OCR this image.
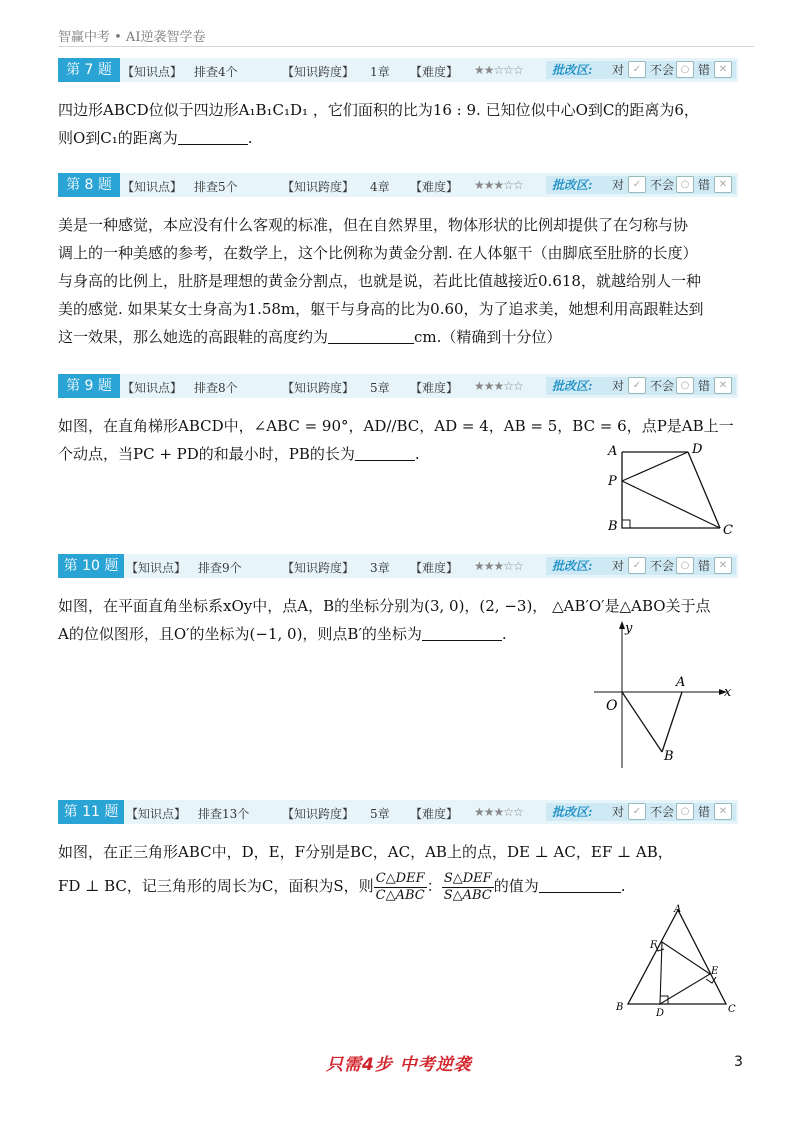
智赢中考 • AI逆袭智学卷
第 7 题 【知识点】 排查4个	【知识跨度】 1章 【难度】 ★★☆☆☆ 批改区: 对 ✓ 不会 ○ 错 ✕
第 8 题 【知识点】 排查5个	【知识跨度】 4章 【难度】 ★★★☆☆ 批改区: 对 ✓ 不会 ○ 错 ✕
第 9 题 【知识点】 排查8个	【知识跨度】 5章 【难度】 ★★★☆☆ 批改区: 对 ✓ 不会 ○ 错 ✕
第 10 题 【知识点】 排查9个	【知识跨度】 3章 【难度】 ★★★☆☆ 批改区: 对 ✓ 不会 ○ 错 ✕
第 11 题 【知识点】 排查13个	【知识跨度】 5章 【难度】 ★★★☆☆ 批改区: 对 ✓ 不会 ○ 错 ✕

四边形ABCD位似于四边形A₁B₁C₁D₁ ，它们面积的比为16 : 9. 已知位似中心O到C的距离为6，

则O到C₁的距离为	.

美是一种感觉，本应没有什么客观的标准，但在自然界里，物体形状的比例却提供了在匀称与协

调上的一种美感的参考，在数学上，这个比例称为黄金分割. 在人体躯干（由脚底至肚脐的长度）

与身高的比例上，肚脐是理想的黄金分割点，也就是说，若此比值越接近0.618，就越给别人一种

美的感觉. 如果某女士身高为1.58m，躯干与身高的比为0.60，为了追求美，她想利用高跟鞋达到

这一效果，那么她选的高跟鞋的高度约为	cm.（精确到十分位）

如图，在直角梯形ABCD中，∠ABC = 90°，AD//BC，AD = 4，AB = 5，BC = 6，点P是AB上一

个动点，当PC + PD的和最小时，PB的长为	.	A	D
P
B	C

如图，在平面直角坐标系xOy中，点A，B的坐标分别为(3, 0)，(2, −3)， △AB′O′是△ABO关于点

A的位似图形，且O′的坐标为(−1, 0)，则点B′的坐标为	.	y
x
O
A
B

如图，在正三角形ABC中，D，E，F分别是BC，AC，AB上的点，DE ⊥ AC，EF ⊥ AB，

FD ⊥ BC，记三角形的周长为C，面积为S，则 $\frac{\text{C△DEF}}{\text{C△ABC}}$ ： $\frac{\text{S△DEF}}{\text{S△ABC}}$ 的值为	.

A
F
E
B
D	C
只需4步 中考逆袭	3
